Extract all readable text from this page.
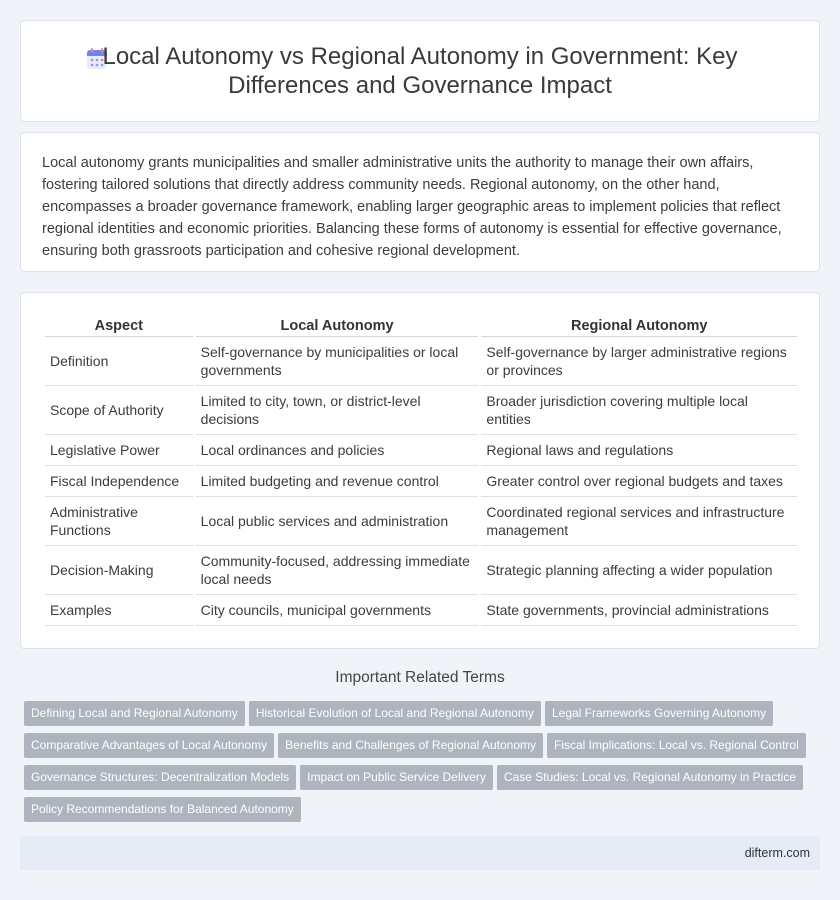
Local Autonomy vs Regional Autonomy in Government: Key Differences and Governance Impact

Local autonomy grants municipalities and smaller administrative units the authority to manage their own affairs, fostering tailored solutions that directly address community needs. Regional autonomy, on the other hand, encompasses a broader governance framework, enabling larger geographic areas to implement policies that reflect regional identities and economic priorities. Balancing these forms of autonomy is essential for effective governance, ensuring both grassroots participation and cohesive regional development.

Aspect	Local Autonomy	Regional Autonomy
Definition	Self-governance by municipalities or local governments	Self-governance by larger administrative regions or provinces
Scope of Authority	Limited to city, town, or district-level decisions	Broader jurisdiction covering multiple local entities
Legislative Power	Local ordinances and policies	Regional laws and regulations
Fiscal Independence	Limited budgeting and revenue control	Greater control over regional budgets and taxes
Administrative Functions	Local public services and administration	Coordinated regional services and infrastructure management
Decision-Making	Community-focused, addressing immediate local needs	Strategic planning affecting a wider population
Examples	City councils, municipal governments	State governments, provincial administrations
Important Related Terms
Defining Local and Regional Autonomy Historical Evolution of Local and Regional Autonomy Legal Frameworks Governing Autonomy
Comparative Advantages of Local Autonomy Benefits and Challenges of Regional Autonomy Fiscal Implications: Local vs. Regional Control
Governance Structures: Decentralization Models Impact on Public Service Delivery Case Studies: Local vs. Regional Autonomy in Practice
Policy Recommendations for Balanced Autonomy
difterm.com
